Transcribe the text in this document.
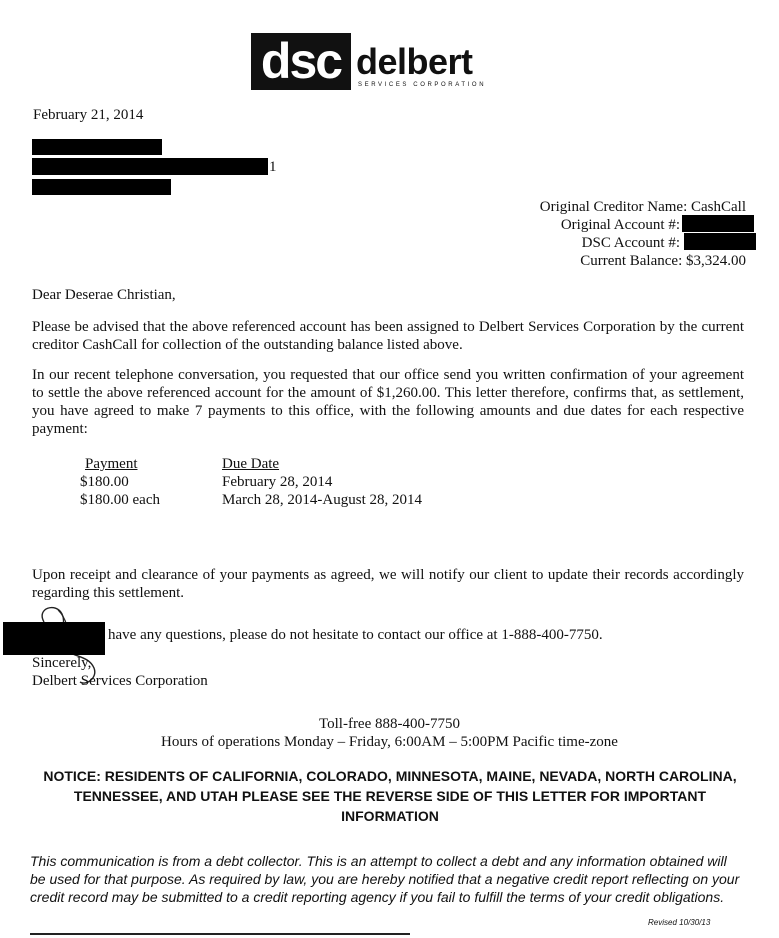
dsc delbert
SERVICES CORPORATION
February 21, 2014
1
Original Creditor Name: CashCall
Original Account #:
DSC Account #:
Current Balance: $3,324.00
Dear Deserae Christian,
Please be advised that the above referenced account has been assigned to Delbert Services Corporation by the current creditor CashCall for collection of the outstanding balance listed above.
In our recent telephone conversation, you requested that our office send you written confirmation of your agreement to settle the above referenced account for the amount of $1,260.00. This letter therefore, confirms that, as settlement, you have agreed to make 7 payments to this office, with the following amounts and due dates for each respective payment:
Payment	Due Date
$180.00	February 28, 2014
$180.00 each	March 28, 2014-August 28, 2014
Upon receipt and clearance of your payments as agreed, we will notify our client to update their records accordingly regarding this settlement.
have any questions, please do not hesitate to contact our office at 1-888-400-7750.
Sincerely,
Delbert Services Corporation
Toll-free 888-400-7750
Hours of operations Monday – Friday, 6:00AM – 5:00PM Pacific time-zone
NOTICE: RESIDENTS OF CALIFORNIA, COLORADO, MINNESOTA, MAINE, NEVADA, NORTH CAROLINA, TENNESSEE, AND UTAH PLEASE SEE THE REVERSE SIDE OF THIS LETTER FOR IMPORTANT INFORMATION
This communication is from a debt collector. This is an attempt to collect a debt and any information obtained will be used for that purpose. As required by law, you are hereby notified that a negative credit report reflecting on your credit record may be submitted to a credit reporting agency if you fail to fulfill the terms of your credit obligations.
Revised 10/30/13
